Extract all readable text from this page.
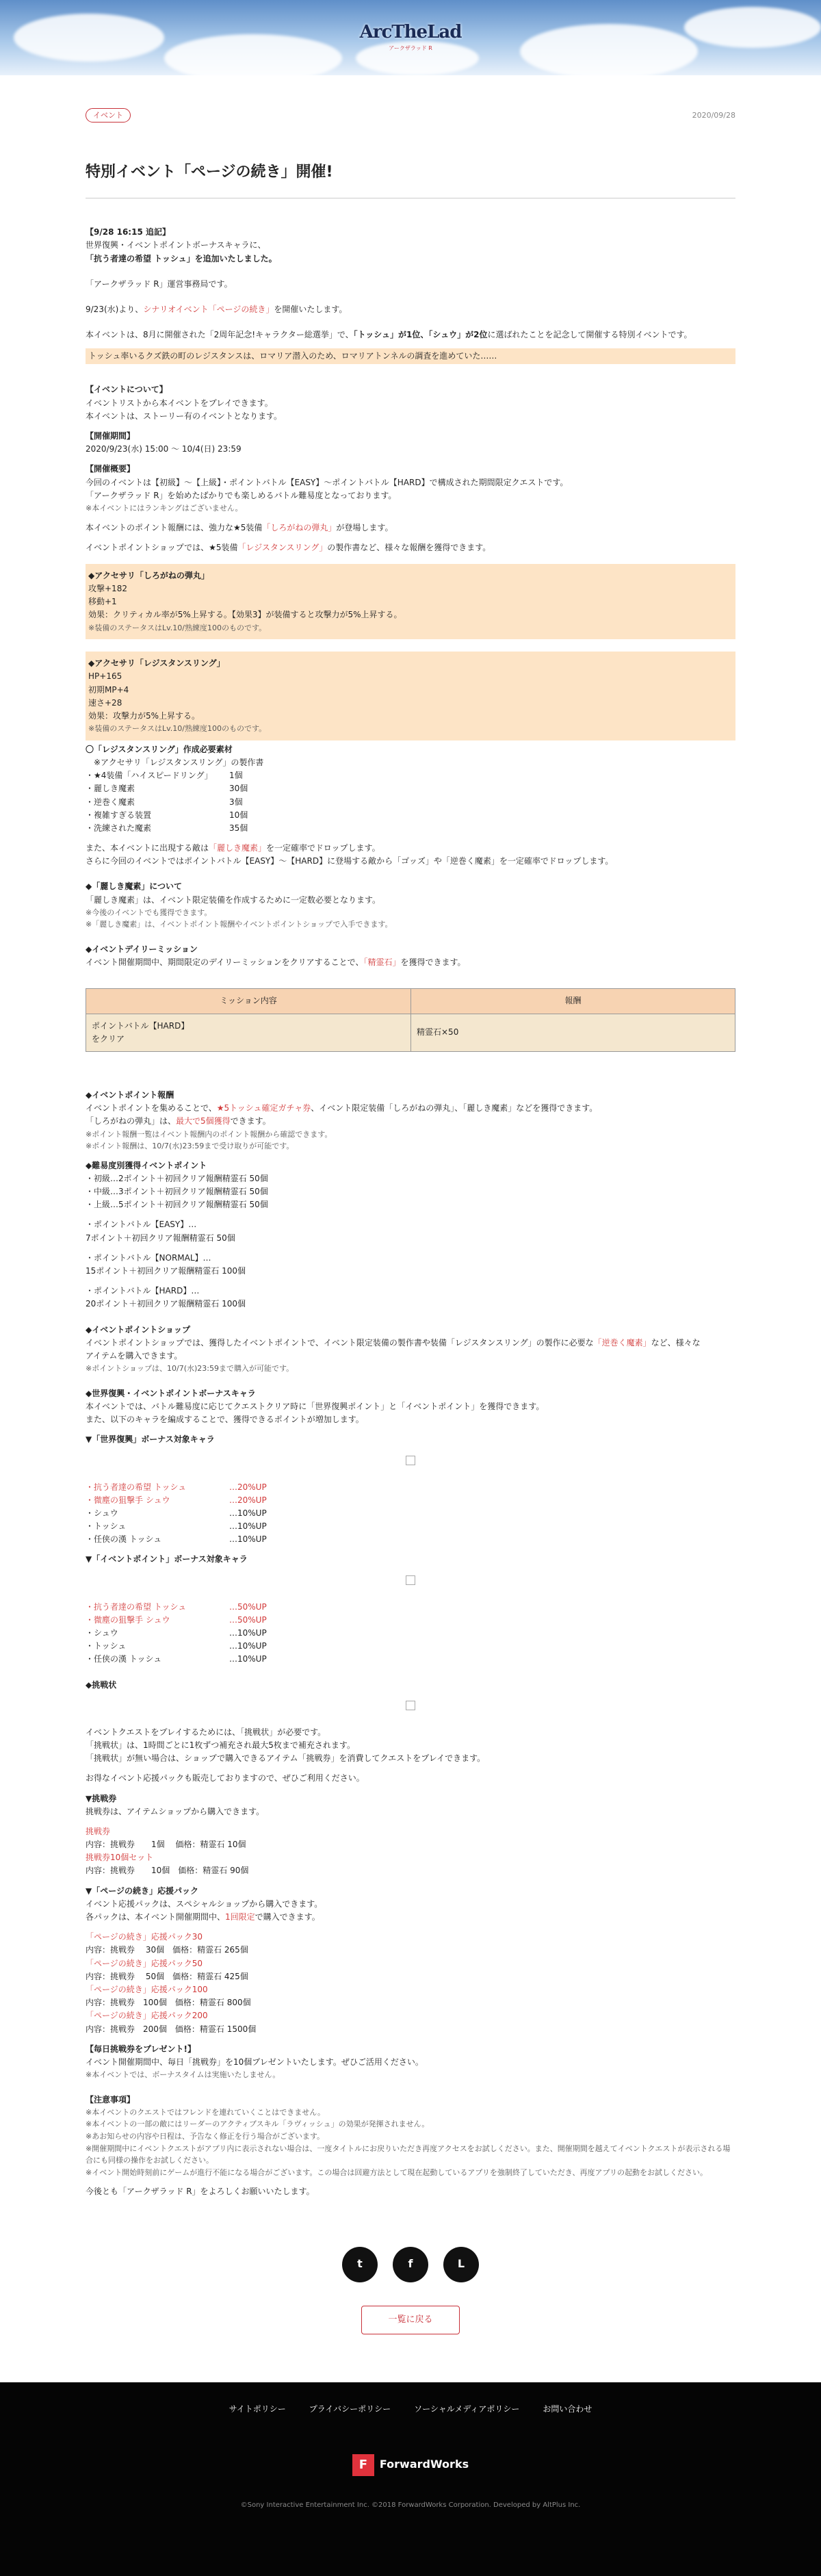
ArcTheLad
アークザラッド R
イベント	2020/09/28
特別イベント「ページの続き」開催!

【9/28 16:15 追記】

世界復興・イベントポイントボーナスキャラに、

「抗う者達の希望 トッシュ」を追加いたしました。

「アークザラッド R」運営事務局です。

9/23(水)より、シナリオイベント「ページの続き」を開催いたします。

本イベントは、8月に開催された「2周年記念!キャラクター総選挙」で、「トッシュ」が1位、「シュウ」が2位に選ばれたことを記念して開催する特別イベントです。

トッシュ率いるクズ鉄の町のレジスタンスは、ロマリア潜入のため、ロマリアトンネルの調査を進めていた……

【イベントについて】

イベントリストから本イベントをプレイできます。

本イベントは、ストーリー有のイベントとなります。

【開催期間】

2020/9/23(水) 15:00 〜 10/4(日) 23:59

【開催概要】

今回のイベントは【初級】〜【上級】・ポイントバトル【EASY】〜ポイントバトル【HARD】で構成された期間限定クエストです。

「アークザラッド R」を始めたばかりでも楽しめるバトル難易度となっております。

※本イベントにはランキングはございません。

本イベントのポイント報酬には、強力な★5装備「しろがねの弾丸」が登場します。

イベントポイントショップでは、★5装備「レジスタンスリング」の製作書など、様々な報酬を獲得できます。

◆アクセサリ「しろがねの弾丸」

攻撃+182

移動+1

効果：クリティカル率が5%上昇する。【効果3】が装備すると攻撃力が5%上昇する。

※装備のステータスはLv.10/熟練度100のものです。

◆アクセサリ「レジスタンスリング」

HP+165

初期MP+4

速さ+28

効果：攻撃力が5%上昇する。

※装備のステータスはLv.10/熟練度100のものです。

〇「レジスタンスリング」作成必要素材

　※アクセサリ「レジスタンスリング」の製作書

・★4装備「ハイスピードリング」	1個
・麗しき魔素	30個
・逆巻く魔素	3個
・複雑すぎる装置	10個
・洗練された魔素	35個

また、本イベントに出現する敵は「麗しき魔素」を一定確率でドロップします。

さらに今回のイベントではポイントバトル【EASY】〜【HARD】に登場する敵から「ゴッズ」や「逆巻く魔素」を一定確率でドロップします。

◆「麗しき魔素」について

「麗しき魔素」は、イベント限定装備を作成するために一定数必要となります。

※今後のイベントでも獲得できます。

※「麗しき魔素」は、イベントポイント報酬やイベントポイントショップで入手できます。

◆イベントデイリーミッション

イベント開催期間中、期間限定のデイリーミッションをクリアすることで、「精霊石」を獲得できます。

ミッション内容	報酬

ポイントバトル【HARD】
をクリア	精霊石×50

◆イベントポイント報酬

イベントポイントを集めることで、★5トッシュ確定ガチャ券、イベント限定装備「しろがねの弾丸」、「麗しき魔素」などを獲得できます。

「しろがねの弾丸」は、最大で5個獲得できます。

※ポイント報酬一覧はイベント報酬内のポイント報酬から確認できます。

※ポイント報酬は、10/7(水)23:59まで受け取りが可能です。

◆難易度別獲得イベントポイント

・初級…2ポイント＋初回クリア報酬精霊石 50個

・中級…3ポイント＋初回クリア報酬精霊石 50個

・上級…5ポイント＋初回クリア報酬精霊石 50個

・ポイントバトル【EASY】…

7ポイント＋初回クリア報酬精霊石 50個

・ポイントバトル【NORMAL】…

15ポイント＋初回クリア報酬精霊石 100個

・ポイントバトル【HARD】…

20ポイント＋初回クリア報酬精霊石 100個

◆イベントポイントショップ

イベントポイントショップでは、獲得したイベントポイントで、イベント限定装備の製作書や装備「レジスタンスリング」の製作に必要な「逆巻く魔素」など、様々な

アイテムを購入できます。

※ポイントショップは、10/7(水)23:59まで購入が可能です。

◆世界復興・イベントポイントボーナスキャラ

本イベントでは、バトル難易度に応じてクエストクリア時に「世界復興ポイント」と「イベントポイント」を獲得できます。

また、以下のキャラを編成することで、獲得できるポイントが増加します。

▼「世界復興」ボーナス対象キャラ

・抗う者達の希望 トッシュ	…20%UP
・微塵の狙撃手 シュウ	…20%UP
・シュウ	…10%UP
・トッシュ	…10%UP
・任侠の漢 トッシュ	…10%UP

▼「イベントポイント」ボーナス対象キャラ

・抗う者達の希望 トッシュ	…50%UP
・微塵の狙撃手 シュウ	…50%UP
・シュウ	…10%UP
・トッシュ	…10%UP
・任侠の漢 トッシュ	…10%UP

◆挑戦状

イベントクエストをプレイするためには、「挑戦状」が必要です。

「挑戦状」は、1時間ごとに1枚ずつ補充され最大5枚まで補充されます。

「挑戦状」が無い場合は、ショップで購入できるアイテム「挑戦券」を消費してクエストをプレイできます。

お得なイベント応援パックも販売しておりますので、ぜひご利用ください。

▼挑戦券

挑戦券は、アイテムショップから購入できます。

挑戦券

内容：挑戦券　　1個　 価格：精霊石 10個

挑戦券10個セット

内容：挑戦券　　10個　価格：精霊石 90個

▼「ページの続き」応援パック

イベント応援パックは、スペシャルショップから購入できます。

各パックは、本イベント開催期間中、1回限定で購入できます。

「ページの続き」応援パック30

内容：挑戦券　 30個　価格：精霊石 265個

「ページの続き」応援パック50

内容：挑戦券　 50個　価格：精霊石 425個

「ページの続き」応援パック100

内容：挑戦券　100個　価格：精霊石 800個

「ページの続き」応援パック200

内容：挑戦券　200個　価格：精霊石 1500個

【毎日挑戦券をプレゼント!】

イベント開催期間中、毎日「挑戦券」を10個プレゼントいたします。ぜひご活用ください。

※本イベントでは、ボーナスタイムは実施いたしません。

【注意事項】

※本イベントのクエストではフレンドを連れていくことはできません。

※本イベントの一部の敵にはリーダーのアクティブスキル「ラヴィッシュ」の効果が発揮されません。

※あお知らせの内容や日程は、予告なく修正を行う場合がございます。

※開催期間中にイベントクエストがアプリ内に表示されない場合は、一度タイトルにお戻りいただき再度アクセスをお試しください。また、開催期間を越えてイベントクエストが表示される場合にも同様の操作をお試しください。

※イベント開始時刻前にゲームが進行不能になる場合がございます。この場合は回避方法として現在起動しているアプリを強制終了していただき、再度アプリの起動をお試しください。

今後とも「アークザラッド R」をよろしくお願いいたします。

t	f	L
一覧に戻る
サイトポリシー	プライバシーポリシー	ソーシャルメディアポリシー	お問い合わせ
F	ForwardWorks
©Sony Interactive Entertainment Inc. ©2018 ForwardWorks Corporation. Developed by AltPlus Inc.
